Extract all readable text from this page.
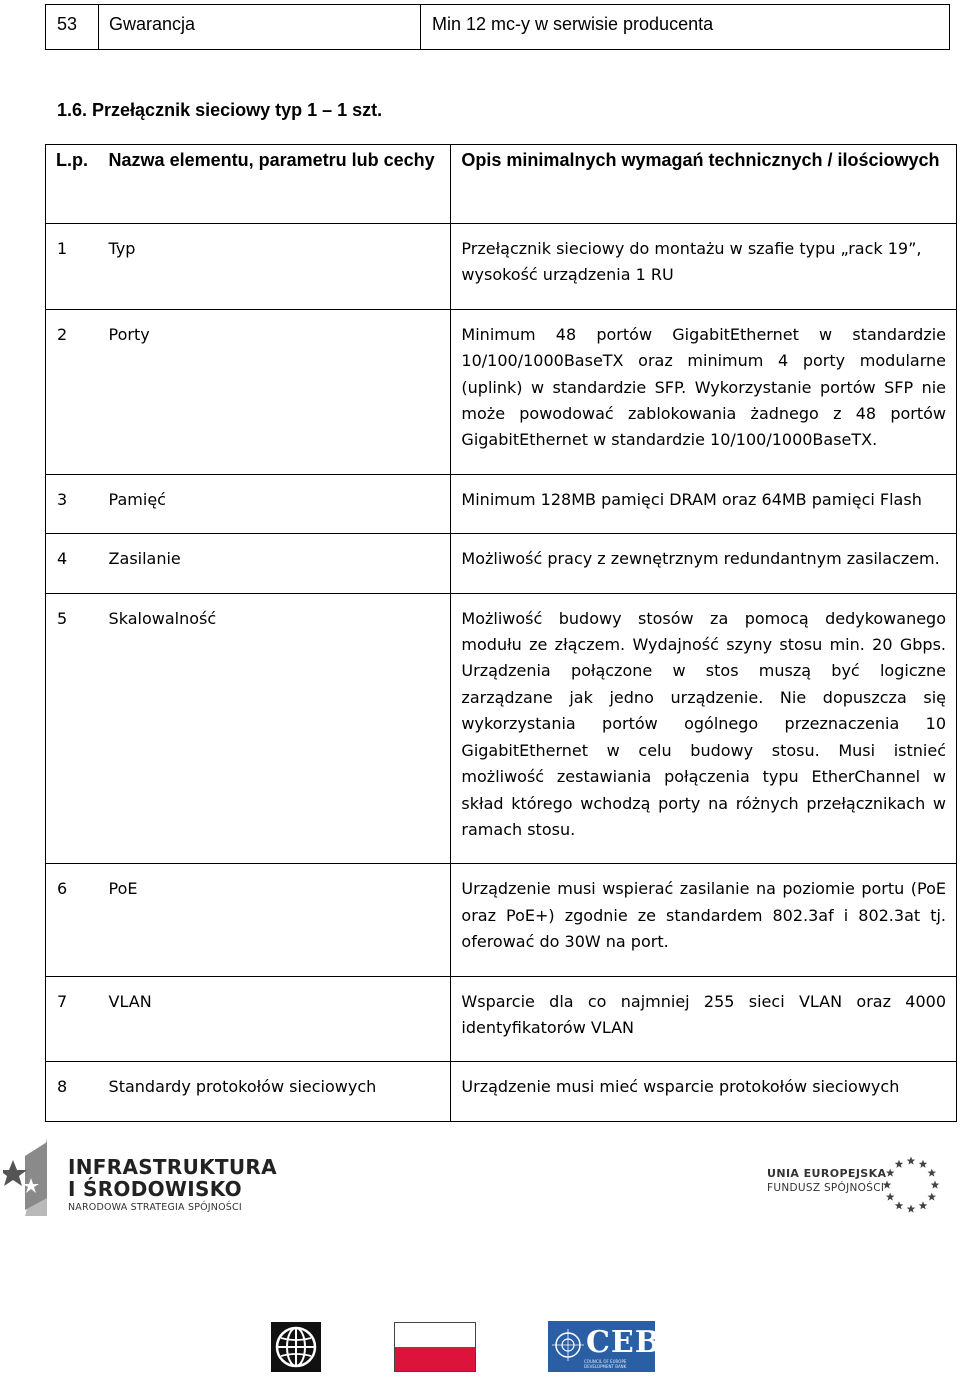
53	Gwarancja	Min 12 mc-y w serwisie producenta
1.6. Przełącznik sieciowy typ 1 – 1 szt.
L.p.	Nazwa elementu, parametru lub cechy	Opis minimalnych wymagań technicznych / ilościowych
1	Typ	Przełącznik sieciowy do montażu w szafie typu „rack 19”, wysokość urządzenia 1 RU
2	Porty	Minimum 48 portów GigabitEthernet w standardzie 10/100/1000BaseTX oraz minimum 4 porty modularne (uplink) w standardzie SFP. Wykorzystanie portów SFP nie może powodować zablokowania żadnego z 48 portów GigabitEthernet w standardzie 10/100/1000BaseTX.
3	Pamięć	Minimum 128MB pamięci DRAM oraz 64MB pamięci Flash
4	Zasilanie	Możliwość pracy z zewnętrznym redundantnym zasilaczem.
5	Skalowalność	Możliwość budowy stosów za pomocą dedykowanego modułu ze złączem. Wydajność szyny stosu min. 20 Gbps. Urządzenia połączone w stos muszą być logiczne zarządzane jak jedno urządzenie. Nie dopuszcza się wykorzystania portów ogólnego przeznaczenia 10 GigabitEthernet w celu budowy stosu. Musi istnieć możliwość zestawiania połączenia typu EtherChannel w skład którego wchodzą porty na różnych przełącznikach w ramach stosu.
6	PoE	Urządzenie musi wspierać zasilanie na poziomie portu (PoE oraz PoE+) zgodnie ze standardem 802.3af i 802.3at tj. oferować do 30W na port.
7	VLAN	Wsparcie dla co najmniej 255 sieci VLAN oraz 4000 identyfikatorów VLAN
8	Standardy protokołów sieciowych	Urządzenie musi mieć wsparcie protokołów sieciowych
INFRASTRUKTURA
I ŚRODOWISKO
NARODOWA STRATEGIA SPÓJNOŚCI
UNIA EUROPEJSKA
FUNDUSZ SPÓJNOŚCI
CEB
COUNCIL OF EUROPE DEVELOPMENT BANK
